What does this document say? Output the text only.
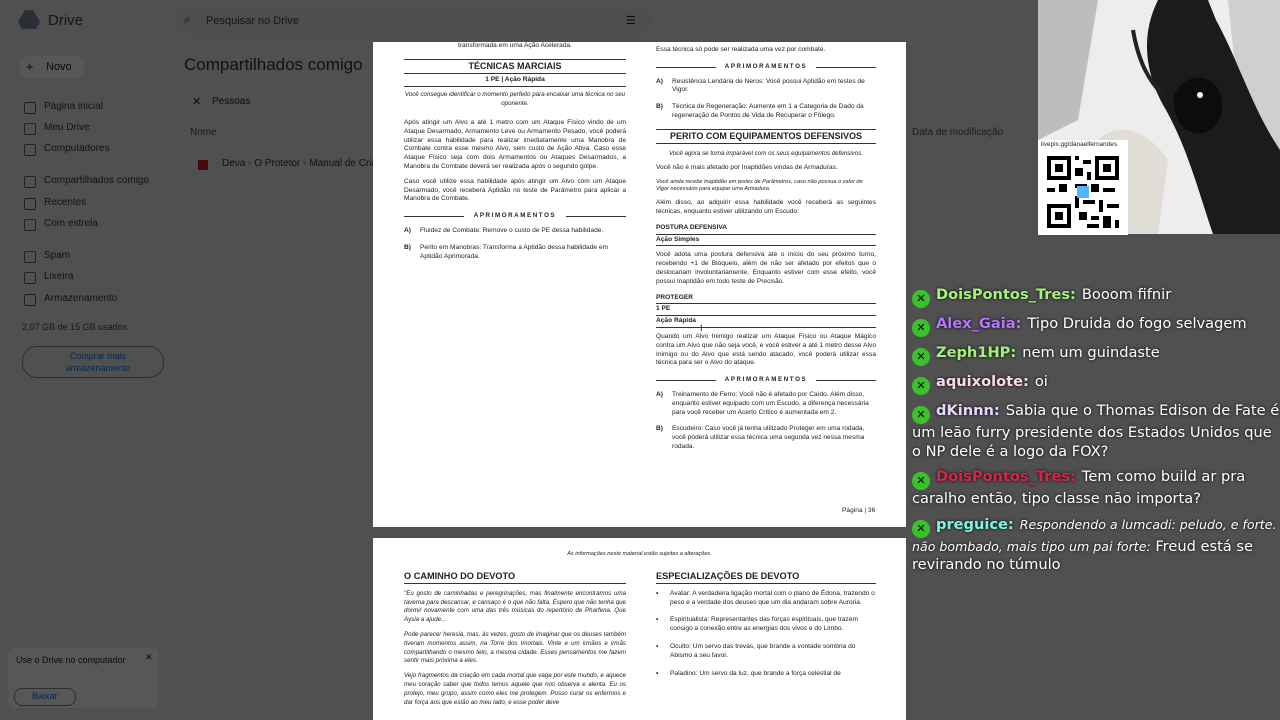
transformada em uma Ação Acelerada.

TÉCNICAS MARCIAIS
1 PE | Ação Rápida

Você consegue identificar o momento perfeito para encaixar uma técnica no seu oponente.

Após atingir um Alvo a até 1 metro com um Ataque Físico vindo de um Ataque Desarmado, Armamento Leve ou Armamento Pesado, você poderá utilizar essa habilidade para realizar imediatamente uma Manobra de Combate contra esse mesmo Alvo, sem custo de Ação Ativa. Caso esse Ataque Físico seja com dois Armamentos ou Ataques Desarmados, a Manobra de Combate deverá ser realizada após o segundo golpe.

Caso você utilize essa habilidade após atingir um Alvo com um Ataque Desarmado, você receberá Aptidão no teste de Parâmetro para aplicar a Manobra de Combate.

APRIMORAMENTOS
A)	Fluidez de Combate: Remove o custo de PE dessa habilidade.
B)	Perito em Manobras: Transforma a Aptidão dessa habilidade em Aptidão Aprimorada.

Essa técnica só pode ser realizada uma vez por combate.

APRIMORAMENTOS
A)	Resistência Lendária de Neros: Você possui Aptidão em testes de Vigor.
B)	Técnica de Regeneração: Aumente em 1 a Categoria de Dado da regeneração de Pontos de Vida de Recuperar o Fôlego.
PERITO COM EQUIPAMENTOS DEFENSIVOS

Você agora se torna imparável com os seus equipamentos defensivos.

Você não é mais afetado por Inaptidões vindas de Armaduras.

Você ainda recebe Inaptidão em testes de Parâmetros, caso não possua o valor de Vigor necessário para equipar uma Armadura.

Além disso, ao adquirir essa habilidade você receberá as seguintes técnicas, enquanto estiver utilizando um Escudo:

POSTURA DEFENSIVA
Ação Simples

Você adota uma postura defensiva até o início do seu próximo turno, recebendo +1 de Bloqueio, além de não ser afetado por efeitos que o deslocariam involuntariamente. Enquanto estiver com esse efeito, você possui Inaptidão em todo teste de Precisão.

PROTEGER
1 PE
Ação Rápida

Quando um Alvo Inimigo realizar um Ataque Físico ou Ataque Mágico contra um Alvo que não seja você, e você estiver a até 1 metro desse Alvo Inimigo ou do Alvo que está sendo atacado, você poderá utilizar essa técnica para ser o Alvo do ataque.

APRIMORAMENTOS
A)	Treinamento de Ferro: Você não é afetado por Caído. Além disso, enquanto estiver equipado com um Escudo, a diferença necessária para você receber um Acerto Crítico é aumentada em 2.
B)	Escudeiro: Caso você já tenha utilizado Proteger em uma rodada, você poderá utilizar essa técnica uma segunda vez nessa mesma rodada.
I
Página | 36
As informações neste material estão sujeitas a alterações.
O CAMINHO DO DEVOTO

"Eu gosto de caminhadas e peregrinações, mas finalmente encontramos uma taverna para descansar, e cansaço é o que não falta. Espero que não tenha que dormir novamente com uma das três músicas do repertório de Pharfena. Que Aysla a ajude...

Pode parecer heresia, mas, às vezes, gosto de imaginar que os deuses também tiveram momentos assim, na Torre dos Imortais. Vinte e um irmãos e irmãs compartilhando o mesmo teto, a mesma cidade. Esses pensamentos me fazem sentir mais próxima a eles.

Vejo fragmentos da criação em cada mortal que vaga por este mundo, e aquece meu coração saber que todos temos aquele que nos observa e alenta. Eu os protejo, meu grupo, assim como eles me protegem. Posso curar os enfermos e dar força aos que estão ao meu lado, e esse poder deve

ESPECIALIZAÇÕES DE DEVOTO
•	Avatar: A verdadeira ligação mortal com o plano de Édona, trazendo o peso e a verdade dos deuses que um dia andaram sobre Auroria.
•	Espiritualista: Representantes das forças espirituais, que trazem consigo a conexão entre as energias dos vivos e do Limbo.
•	Oculto: Um servo das trevas, que brande a vontade sombria do Abismo a seu favor.
•	Paladino: Um servo da luz, que brande a força celestial de
livepix.gg/danaelfernandes
✕ DoisPontos_Tres: Booom fifnir
✕ Alex_Gaia: Tipo Druida do fogo selvagem
✕ Zeph1HP: nem um guindaste
✕ aquixolote: oi
✕ dKinnn: Sabia que o Thomas Edison de Fate é um leão furry presidente dos Estados Unidos que o NP dele é a logo da FOX?
✕ DoisPontos_Tres: Tem como build ar pra caralho então, tipo classe não importa?
✕ preguice: Respondendo a lumcadi: peludo, e forte. não bombado, mais tipo um pai forte: Freud está se revirando no túmulo
